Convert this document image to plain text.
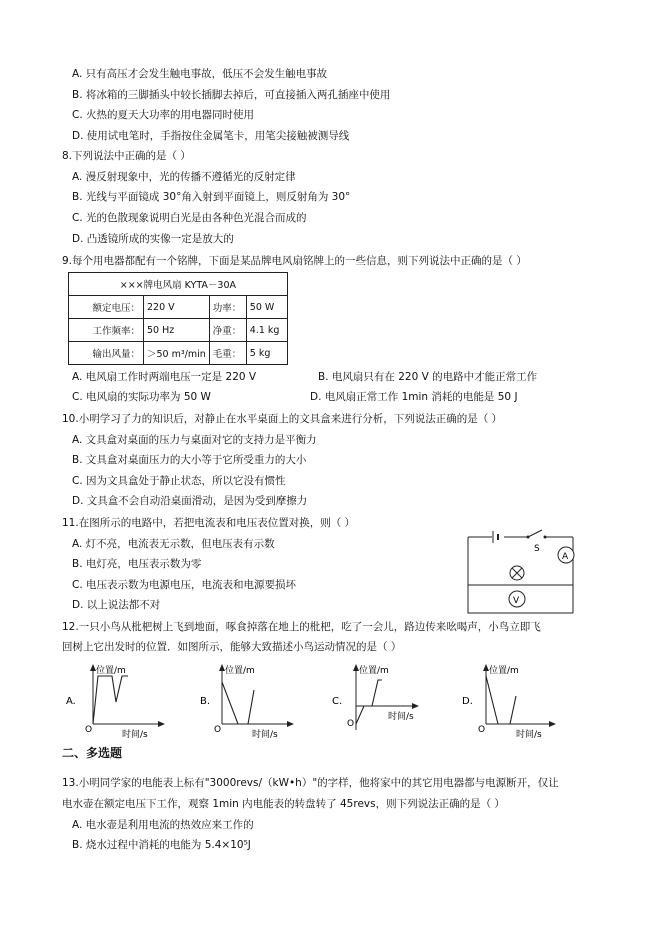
A. 只有高压才会发生触电事故，低压不会发生触电事故
B. 将冰箱的三脚插头中较长插脚去掉后，可直接插入两孔插座中使用
C. 火热的夏天大功率的用电器同时使用
D. 使用试电笔时，手指按住金属笔卡，用笔尖接触被测导线
8.下列说法中正确的是（ ）
A. 漫反射现象中，光的传播不遵循光的反射定律
B. 光线与平面镜成 30°角入射到平面镜上，则反射角为 30°
C. 光的色散现象说明白光是由各种色光混合而成的
D. 凸透镜所成的实像一定是放大的
9.每个用电器都配有一个铭牌，下面是某品牌电风扇铭牌上的一些信息，则下列说法中正确的是（ ）
×××牌电风扇 KYTA－30A			
额定电压：	220 V	功率：	50 W
工作频率：	50 Hz	净重：	4.1 kg
输出风量：	＞50 m³/min	毛重：	5 kg
A. 电风扇工作时两端电压一定是 220 V	B. 电风扇只有在 220 V 的电路中才能正常工作
C. 电风扇的实际功率为 50 W	D. 电风扇正常工作 1min 消耗的电能是 50 J
10.小明学习了力的知识后，对静止在水平桌面上的文具盒来进行分析，下列说法正确的是（ ）
A. 文具盒对桌面的压力与桌面对它的支持力是平衡力
B. 文具盒对桌面压力的大小等于它所受重力的大小
C. 因为文具盒处于静止状态，所以它没有惯性
D. 文具盒不会自动沿桌面滑动，是因为受到摩擦力
11.在图所示的电路中，若把电流表和电压表位置对换，则（ ）
A. 灯不亮，电流表无示数，但电压表有示数
B. 电灯亮，电压表示数为零
C. 电压表示数为电源电压，电流表和电源要损坏
D. 以上说法都不对
S
A
V
12.一只小鸟从枇杷树上飞到地面，啄食掉落在地上的枇杷，吃了一会儿，路边传来吆喝声，小鸟立即飞
回树上它出发时的位置．如图所示，能够大致描述小鸟运动情况的是（ ）
A.
位置/m
时间/s
O
B.
位置/m
时间/s
O
C.
位置/m
时间/s
O
D.
位置/m
时间/s
O
二、多选题
13.小明同学家的电能表上标有"3000revs/（kW•h）"的字样，他将家中的其它用电器都与电源断开，仅让
电水壶在额定电压下工作，观察 1min 内电能表的转盘转了 45revs，则下列说法正确的是（ ）
A. 电水壶是利用电流的热效应来工作的
B. 烧水过程中消耗的电能为 5.4×10⁵J
